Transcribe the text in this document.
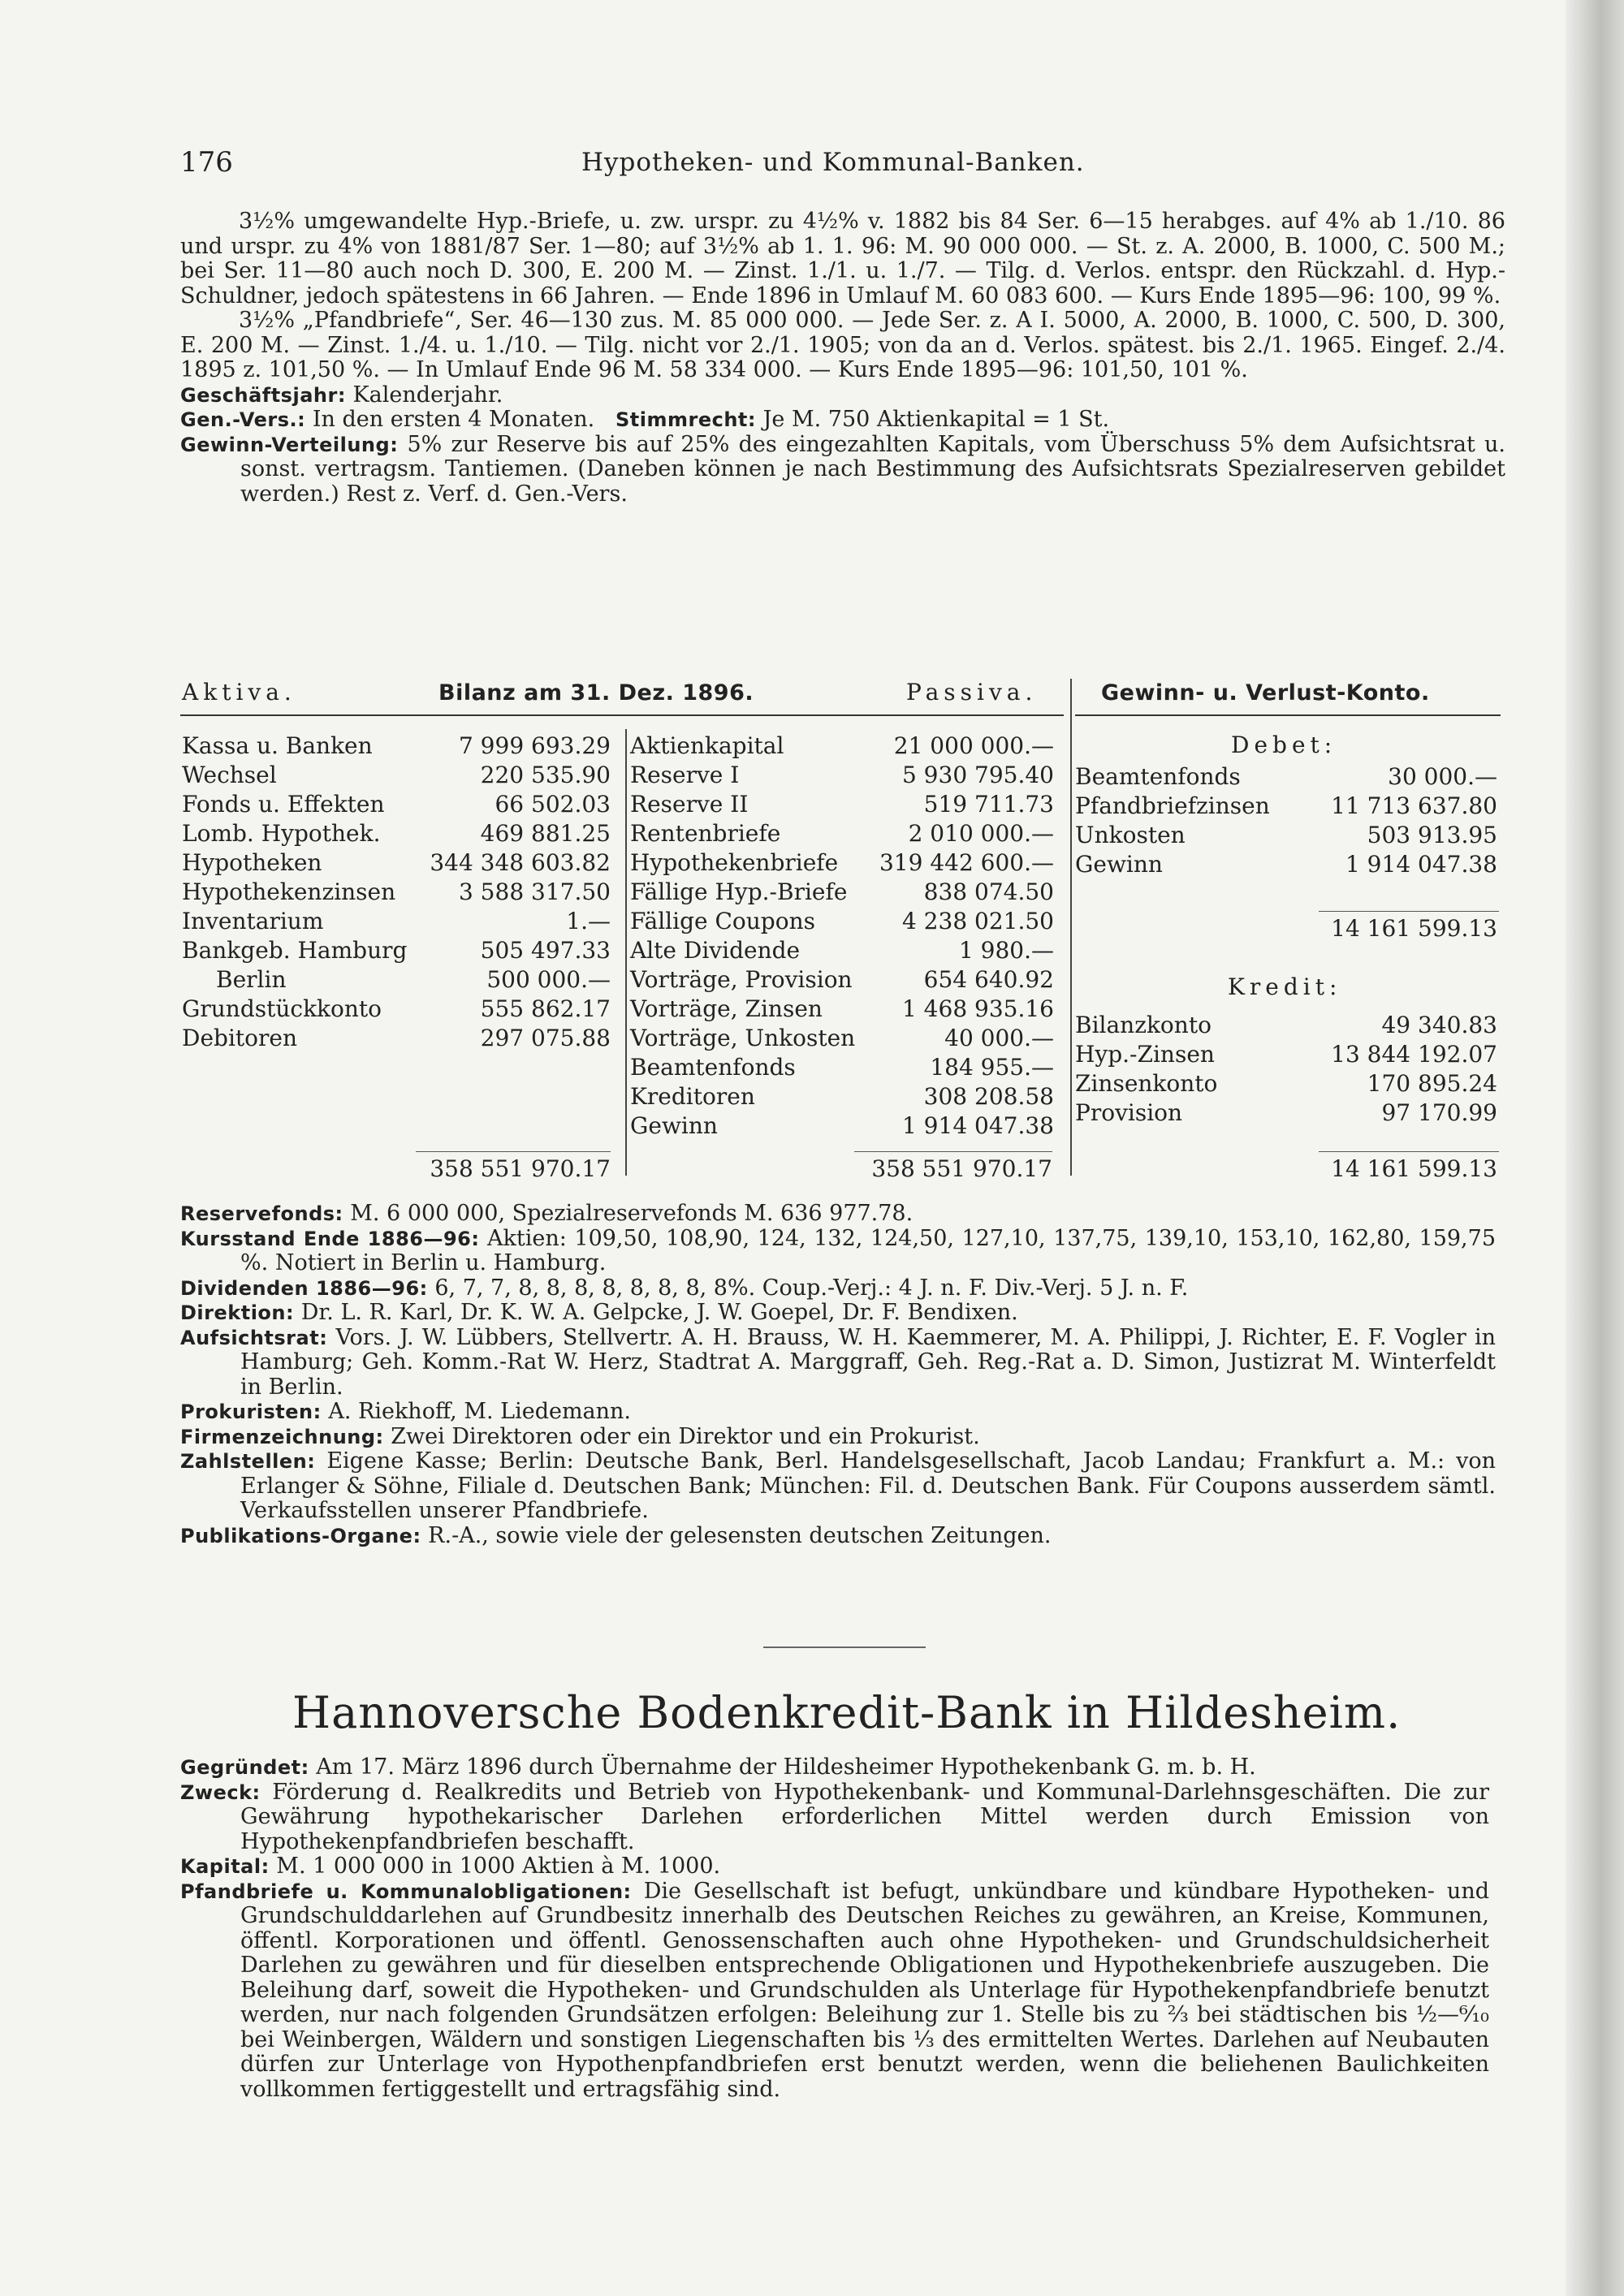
176	Hypotheken- und Kommunal-Banken.

3½% umgewandelte Hyp.-Briefe, u. zw. urspr. zu 4½% v. 1882 bis 84 Ser. 6—15 herabges. auf 4% ab 1./10. 86 und urspr. zu 4% von 1881/87 Ser. 1—80; auf 3½% ab 1. 1. 96: M. 90 000 000. — St. z. A. 2000, B. 1000, C. 500 M.; bei Ser. 11—80 auch noch D. 300, E. 200 M. — Zinst. 1./1. u. 1./7. — Tilg. d. Verlos. entspr. den Rückzahl. d. Hyp.-Schuldner, jedoch spätestens in 66 Jahren. — Ende 1896 in Umlauf M. 60 083 600. — Kurs Ende 1895—96: 100, 99 %.

3½% „Pfandbriefe“, Ser. 46—130 zus. M. 85 000 000. — Jede Ser. z. A I. 5000, A. 2000, B. 1000, C. 500, D. 300, E. 200 M. — Zinst. 1./4. u. 1./10. — Tilg. nicht vor 2./1. 1905; von da an d. Verlos. spätest. bis 2./1. 1965. Eingef. 2./4. 1895 z. 101,50 %. — In Umlauf Ende 96 M. 58 334 000. — Kurs Ende 1895—96: 101,50, 101 %.

Geschäftsjahr: Kalenderjahr.

Gen.-Vers.: In den ersten 4 Monaten. Stimmrecht: Je M. 750 Aktienkapital = 1 St.

Gewinn-Verteilung: 5% zur Reserve bis auf 25% des eingezahlten Kapitals, vom Überschuss 5% dem Aufsichtsrat u. sonst. vertragsm. Tantiemen. (Daneben können je nach Bestimmung des Aufsichtsrats Spezialreserven gebildet werden.) Rest z. Verf. d. Gen.-Vers.

Aktiva.	Bilanz am 31. Dez. 1896.	Passiva.	Gewinn- u. Verlust-Konto.
Kassa u. Banken	7 999 693.29
Wechsel	220 535.90
Fonds u. Effekten	66 502.03
Lomb. Hypothek.	469 881.25
Hypotheken	344 348 603.82
Hypothekenzinsen	3 588 317.50
Inventarium	1.—
Bankgeb. Hamburg	505 497.33
Berlin	500 000.—
Grundstückkonto	555 862.17
Debitoren	297 075.88
358 551 970.17
Aktienkapital	21 000 000.—
Reserve I	5 930 795.40
Reserve II	519 711.73
Rentenbriefe	2 010 000.—
Hypothekenbriefe 319 442 600.—
Fällige Hyp.-Briefe	838 074.50
Fällige Coupons	4 238 021.50
Alte Dividende	1 980.—
Vorträge, Provision	654 640.92
Vorträge, Zinsen	1 468 935.16
Vorträge, Unkosten	40 000.—
Beamtenfonds	184 955.—
Kreditoren	308 208.58
Gewinn	1 914 047.38
358 551 970.17
Debet:
Beamtenfonds	30 000.—
Pfandbriefzinsen	11 713 637.80
Unkosten	503 913.95
Gewinn	1 914 047.38
14 161 599.13
Kredit:
Bilanzkonto	49 340.83
Hyp.-Zinsen	13 844 192.07
Zinsenkonto	170 895.24
Provision	97 170.99
14 161 599.13

Reservefonds: M. 6 000 000, Spezialreservefonds M. 636 977.78.

Kursstand Ende 1886—96: Aktien: 109,50, 108,90, 124, 132, 124,50, 127,10, 137,75, 139,10, 153,10, 162,80, 159,75 %. Notiert in Berlin u. Hamburg.

Dividenden 1886—96: 6, 7, 7, 8, 8, 8, 8, 8, 8, 8, 8%. Coup.-Verj.: 4 J. n. F. Div.-Verj. 5 J. n. F.

Direktion: Dr. L. R. Karl, Dr. K. W. A. Gelpcke, J. W. Goepel, Dr. F. Bendixen.

Aufsichtsrat: Vors. J. W. Lübbers, Stellvertr. A. H. Brauss, W. H. Kaemmerer, M. A. Philippi, J. Richter, E. F. Vogler in Hamburg; Geh. Komm.-Rat W. Herz, Stadtrat A. Marggraff, Geh. Reg.-Rat a. D. Simon, Justizrat M. Winterfeldt in Berlin.

Prokuristen: A. Riekhoff, M. Liedemann.

Firmenzeichnung: Zwei Direktoren oder ein Direktor und ein Prokurist.

Zahlstellen: Eigene Kasse; Berlin: Deutsche Bank, Berl. Handelsgesellschaft, Jacob Landau; Frankfurt a. M.: von Erlanger & Söhne, Filiale d. Deutschen Bank; München: Fil. d. Deutschen Bank. Für Coupons ausserdem sämtl. Verkaufsstellen unserer Pfandbriefe.

Publikations-Organe: R.-A., sowie viele der gelesensten deutschen Zeitungen.

Hannoversche Bodenkredit-Bank in Hildesheim.

Gegründet: Am 17. März 1896 durch Übernahme der Hildesheimer Hypothekenbank G. m. b. H.

Zweck: Förderung d. Realkredits und Betrieb von Hypothekenbank- und Kommunal-Darlehnsgeschäften. Die zur Gewährung hypothekarischer Darlehen erforderlichen Mittel werden durch Emission von Hypothekenpfandbriefen beschafft.

Kapital: M. 1 000 000 in 1000 Aktien à M. 1000.

Pfandbriefe u. Kommunalobligationen: Die Gesellschaft ist befugt, unkündbare und kündbare Hypotheken- und Grundschulddarlehen auf Grundbesitz innerhalb des Deutschen Reiches zu gewähren, an Kreise, Kommunen, öffentl. Korporationen und öffentl. Genossenschaften auch ohne Hypotheken- und Grundschuldsicherheit Darlehen zu gewähren und für dieselben entsprechende Obligationen und Hypothekenbriefe auszugeben. Die Beleihung darf, soweit die Hypotheken- und Grundschulden als Unterlage für Hypothekenpfandbriefe benutzt werden, nur nach folgenden Grundsätzen erfolgen: Beleihung zur 1. Stelle bis zu ⅔ bei städtischen bis ½—⁶⁄₁₀ bei Weinbergen, Wäldern und sonstigen Liegenschaften bis ⅓ des ermittelten Wertes. Darlehen auf Neubauten dürfen zur Unterlage von Hypothenpfandbriefen erst benutzt werden, wenn die beliehenen Baulichkeiten vollkommen fertiggestellt und ertragsfähig sind.
